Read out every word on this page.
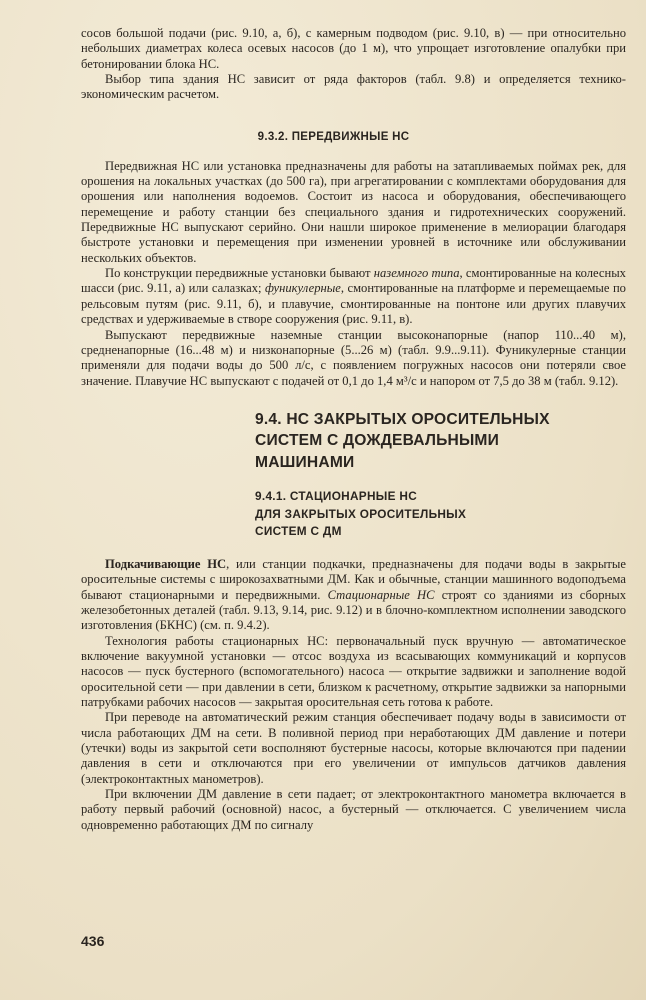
сосов большой подачи (рис. 9.10, а, б), с камерным подводом (рис. 9.10, в) — при относительно небольших диаметрах колеса осевых насосов (до 1 м), что упрощает изготовление опалубки при бетонировании блока НС.

Выбор типа здания НС зависит от ряда факторов (табл. 9.8) и определяется технико-экономическим расчетом.

9.3.2. ПЕРЕДВИЖНЫЕ НС

Передвижная НС или установка предназначены для работы на затапливаемых поймах рек, для орошения на локальных участках (до 500 га), при агрегатировании с комплектами оборудования для орошения или наполнения водоемов. Состоит из насоса и оборудования, обеспечивающего перемещение и работу станции без специального здания и гидротехнических сооружений. Передвижные НС выпускают серийно. Они нашли широкое применение в мелиорации благодаря быстроте установки и перемещения при изменении уровней в источнике или обслуживании нескольких объектов.

По конструкции передвижные установки бывают наземного типа, смонтированные на колесных шасси (рис. 9.11, а) или салазках; фуникулерные, смонтированные на платформе и перемещаемые по рельсовым путям (рис. 9.11, б), и плавучие, смонтированные на понтоне или других плавучих средствах и удерживаемые в створе сооружения (рис. 9.11, в).

Выпускают передвижные наземные станции высоконапорные (напор 110...40 м), средненапорные (16...48 м) и низконапорные (5...26 м) (табл. 9.9...9.11). Фуникулерные станции применяли для подачи воды до 500 л/с, с появлением погружных насосов они потеряли свое значение. Плавучие НС выпускают с подачей от 0,1 до 1,4 м³/с и напором от 7,5 до 38 м (табл. 9.12).

9.4. НС ЗАКРЫТЫХ ОРОСИТЕЛЬНЫХ

СИСТЕМ С ДОЖДЕВАЛЬНЫМИ

МАШИНАМИ

9.4.1. СТАЦИОНАРНЫЕ НС

ДЛЯ ЗАКРЫТЫХ ОРОСИТЕЛЬНЫХ

СИСТЕМ С ДМ

Подкачивающие НС, или станции подкачки, предназначены для подачи воды в закрытые оросительные системы с широкозахватными ДМ. Как и обычные, станции машинного водоподъема бывают стационарными и передвижными. Стационарные НС строят со зданиями из сборных железобетонных деталей (табл. 9.13, 9.14, рис. 9.12) и в блочно-комплектном исполнении заводского изготовления (БКНС) (см. п. 9.4.2).

Технология работы стационарных НС: первоначальный пуск вручную — автоматическое включение вакуумной установки — отсос воздуха из всасывающих коммуникаций и корпусов насосов — пуск бустерного (вспомогательного) насоса — открытие задвижки и заполнение водой оросительной сети — при давлении в сети, близком к расчетному, открытие задвижки за напорными патрубками рабочих насосов — закрытая оросительная сеть готова к работе.

При переводе на автоматический режим станция обеспечивает подачу воды в зависимости от числа работающих ДМ на сети. В поливной период при неработающих ДМ давление и потери (утечки) воды из закрытой сети восполняют бустерные насосы, которые включаются при падении давления в сети и отключаются при его увеличении от импульсов датчиков давления (электроконтактных манометров).

При включении ДМ давление в сети падает; от электроконтактного манометра включается в работу первый рабочий (основной) насос, а бустерный — отключается. С увеличением числа одновременно работающих ДМ по сигналу

436
